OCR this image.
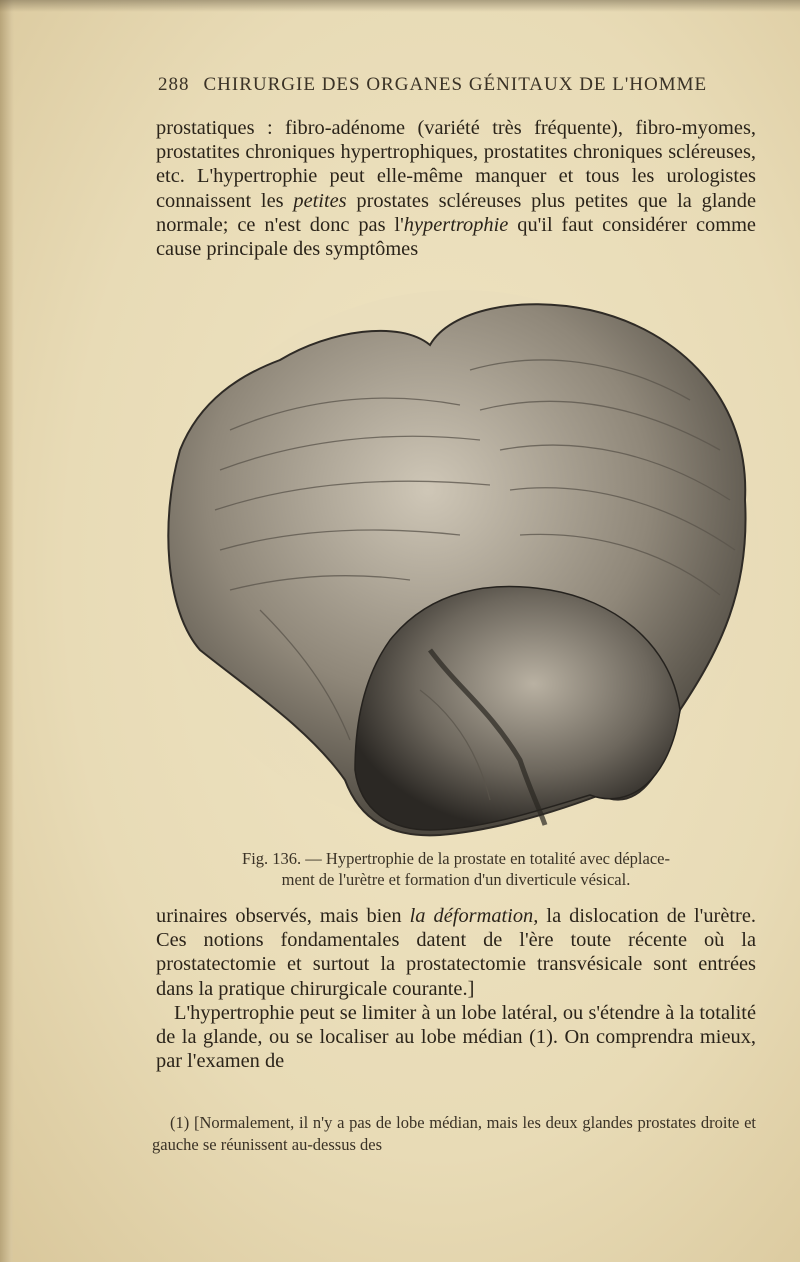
288 CHIRURGIE DES ORGANES GÉNITAUX DE L'HOMME

prostatiques : fibro-adénome (variété très fréquente), fibro-myomes, prostatites chroniques hypertrophiques, prostatites chroniques scléreuses, etc. L'hypertrophie peut elle-même manquer et tous les urologistes connaissent les petites prostates scléreuses plus petites que la glande normale; ce n'est donc pas l'hypertrophie qu'il faut considérer comme cause principale des symptômes

Fig. 136. — Hypertrophie de la prostate en totalité avec déplace-
ment de l'urètre et formation d'un diverticule vésical.

urinaires observés, mais bien la déformation, la dislocation de l'urètre. Ces notions fondamentales datent de l'ère toute récente où la prostatectomie et surtout la prostatectomie transvésicale sont entrées dans la pratique chirurgicale courante.]

L'hypertrophie peut se limiter à un lobe latéral, ou s'étendre à la totalité de la glande, ou se localiser au lobe médian (1). On comprendra mieux, par l'examen de

(1) [Normalement, il n'y a pas de lobe médian, mais les deux glandes prostates droite et gauche se réunissent au-dessus des
